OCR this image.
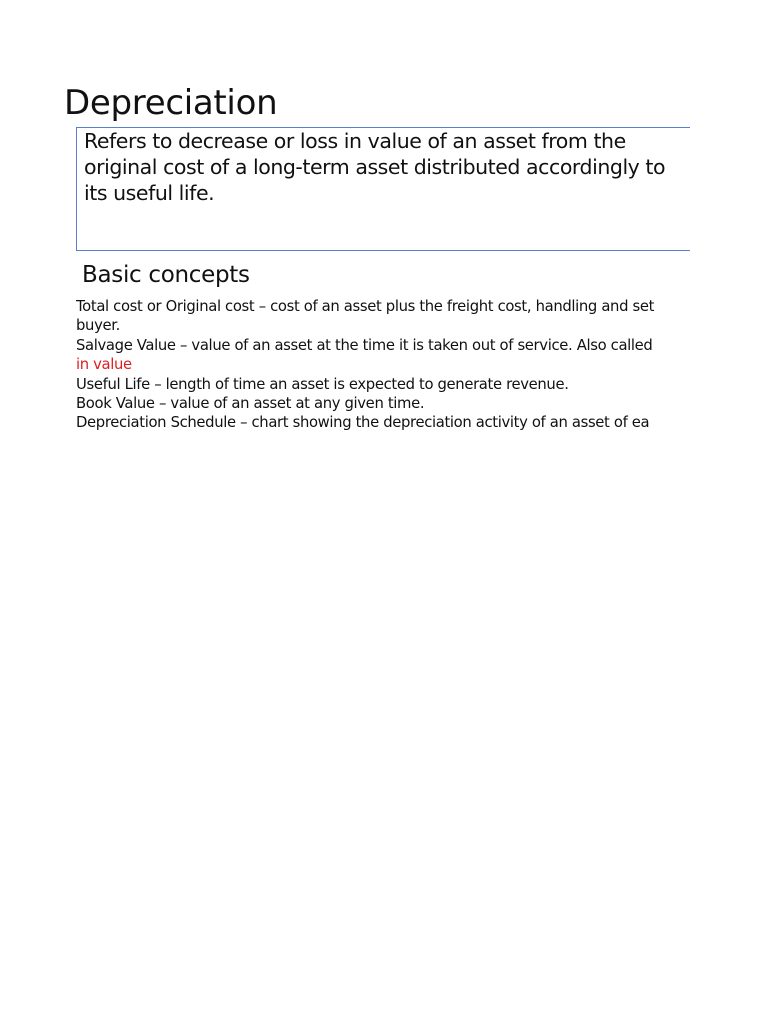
Depreciation

Refers to decrease or loss in value of an asset from the
original cost of a long-term asset distributed accordingly to
its useful life.

Basic concepts
Total cost or Original cost – cost of an asset plus the freight cost, handling and set
buyer.
Salvage Value – value of an asset at the time it is taken out of service. Also called
in value
Useful Life – length of time an asset is expected to generate revenue.
Book Value – value of an asset at any given time.
Depreciation Schedule – chart showing the depreciation activity of an asset of ea
